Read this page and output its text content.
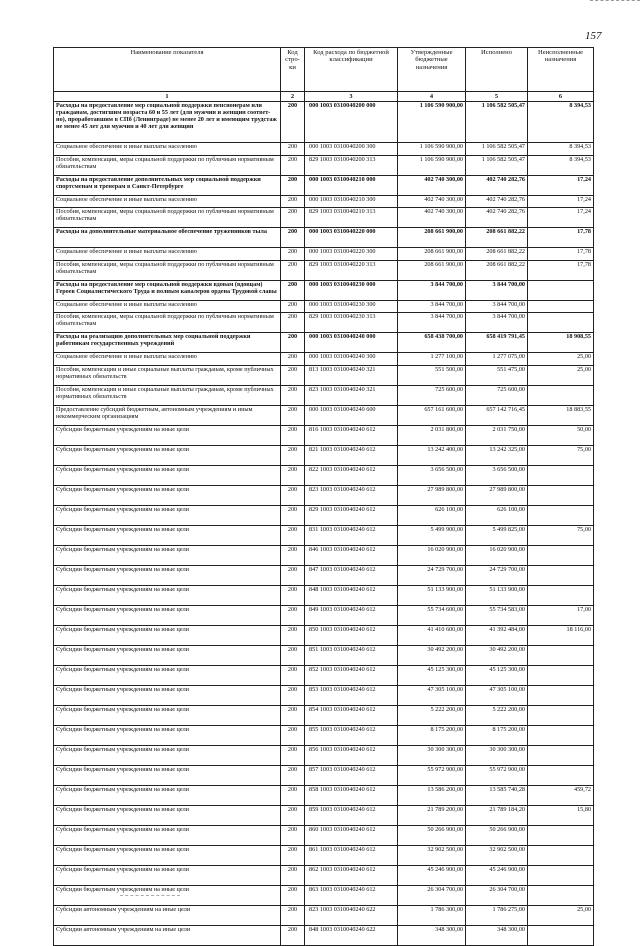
157
Наименование показателя	Код стро-ки	Код расхода по бюджетной классификации	Утвержденные бюджетные назначения	Исполнено	Неисполненные назначения
1	2	3	4	5	6
Расходы на предоставление мер социальной поддержки пенсионерам или гражданам, достигшим возраста 60 и 55 лет (для мужчин и женщин соответ-но), проработавшим в СПб (Ленинграде) не менее 20 лет и имеющим трудстаж не менее 45 лет для мужчин и 40 лет для женщин	200	000 1003 0310040200 000	1 106 590 900,00	1 106 582 505,47	8 394,53
Социальное обеспечение и иные выплаты населению	200	000 1003 0310040200 300	1 106 590 900,00	1 106 582 505,47	8 394,53
Пособия, компенсации, меры социальной поддержки по публичным нормативным обязательствам	200	829 1003 0310040200 313	1 106 590 900,00	1 106 582 505,47	8 394,53
Расходы на предоставление дополнительных мер социальной поддержки спортсменам и тренерам в Санкт-Петербурге	200	000 1003 0310040210 000	402 740 300,00	402 740 282,76	17,24
Социальное обеспечение и иные выплаты населению	200	000 1003 0310040210 300	402 740 300,00	402 740 282,76	17,24
Пособия, компенсации, меры социальной поддержки по публичным нормативным обязательствам	200	829 1003 0310040210 313	402 740 300,00	402 740 282,76	17,24
Расходы на дополнительные материальное обеспечение труженников тыла	200	000 1003 0310040220 000	208 661 900,00	208 661 882,22	17,78
Социальное обеспечение и иные выплаты населению	200	000 1003 0310040220 300	208 661 900,00	208 661 882,22	17,78
Пособия, компенсации, меры социальной поддержки по публичным нормативным обязательствам	200	829 1003 0310040220 313	208 661 900,00	208 661 882,22	17,78
Расходы на предоставление мер социальной поддержки вдовам (вдовцам) Героев Социалистического Труда и полным кавалеров ордена Трудовой славы	200	000 1003 0310040230 000	3 844 700,00	3 844 700,00	
Социальное обеспечение и иные выплаты населению	200	000 1003 0310040230 300	3 844 700,00	3 844 700,00	
Пособия, компенсации, меры социальной поддержки по публичным нормативным обязательствам	200	829 1003 0310040230 313	3 844 700,00	3 844 700,00	
Расходы на реализацию дополнительных мер социальной поддержки работникам государственных учреждений	200	000 1003 0310040240 000	658 438 700,00	658 419 791,45	18 908,55
Социальное обеспечение и иные выплаты населению	200	000 1003 0310040240 300	1 277 100,00	1 277 075,00	25,00
Пособия, компенсации и иные социальные выплаты гражданам, кроме публичных нормативных обязательств	200	813 1003 0310040240 321	551 500,00	551 475,00	25,00
Пособия, компенсации и иные социальные выплаты гражданам, кроме публичных нормативных обязательств	200	823 1003 0310040240 321	725 600,00	725 600,00	
Предоставление субсидий бюджетным, автономным учреждениям и иным некоммерческим организациям	200	000 1003 0310040240 600	657 161 600,00	657 142 716,45	18 883,55
Субсидии бюджетным учреждениям на иные цели	200	816 1003 0310040240 612	2 031 800,00	2 031 750,00	50,00
Субсидии бюджетным учреждениям на иные цели	200	821 1003 0310040240 612	13 242 400,00	13 242 325,00	75,00
Субсидии бюджетным учреждениям на иные цели	200	822 1003 0310040240 612	3 656 500,00	3 656 500,00	
Субсидии бюджетным учреждениям на иные цели	200	823 1003 0310040240 612	27 989 800,00	27 989 800,00	
Субсидии бюджетным учреждениям на иные цели	200	829 1003 0310040240 612	626 100,00	626 100,00	
Субсидии бюджетным учреждениям на иные цели	200	831 1003 0310040240 612	5 499 900,00	5 499 825,00	75,00
Субсидии бюджетным учреждениям на иные цели	200	846 1003 0310040240 612	16 020 900,00	16 020 900,00	
Субсидии бюджетным учреждениям на иные цели	200	847 1003 0310040240 612	24 729 700,00	24 729 700,00	
Субсидии бюджетным учреждениям на иные цели	200	848 1003 0310040240 612	51 133 900,00	51 133 900,00	
Субсидии бюджетным учреждениям на иные цели	200	849 1003 0310040240 612	55 734 600,00	55 734 583,00	17,00
Субсидии бюджетным учреждениям на иные цели	200	850 1003 0310040240 612	41 410 600,00	41 392 484,00	18 116,00
Субсидии бюджетным учреждениям на иные цели	200	851 1003 0310040240 612	30 492 200,00	30 492 200,00	
Субсидии бюджетным учреждениям на иные цели	200	852 1003 0310040240 612	45 125 300,00	45 125 300,00	
Субсидии бюджетным учреждениям на иные цели	200	853 1003 0310040240 612	47 305 100,00	47 305 100,00	
Субсидии бюджетным учреждениям на иные цели	200	854 1003 0310040240 612	5 222 200,00	5 222 200,00	
Субсидии бюджетным учреждениям на иные цели	200	855 1003 0310040240 612	8 175 200,00	8 175 200,00	
Субсидии бюджетным учреждениям на иные цели	200	856 1003 0310040240 612	30 300 300,00	30 300 300,00	
Субсидии бюджетным учреждениям на иные цели	200	857 1003 0310040240 612	55 972 900,00	55 972 900,00	
Субсидии бюджетным учреждениям на иные цели	200	858 1003 0310040240 612	13 586 200,00	13 585 740,28	459,72
Субсидии бюджетным учреждениям на иные цели	200	859 1003 0310040240 612	21 789 200,00	21 789 184,20	15,80
Субсидии бюджетным учреждениям на иные цели	200	860 1003 0310040240 612	50 266 900,00	50 266 900,00	
Субсидии бюджетным учреждениям на иные цели	200	861 1003 0310040240 612	32 902 500,00	32 902 500,00	
Субсидии бюджетным учреждениям на иные цели	200	862 1003 0310040240 612	45 246 900,00	45 246 900,00	
Субсидии бюджетным учреждениям на иные цели	200	863 1003 0310040240 612	26 304 700,00	26 304 700,00	
Субсидии автономным учреждениям на иные цели	200	823 1003 0310040240 622	1 786 300,00	1 786 275,00	25,00
Субсидии автономным учреждениям на иные цели	200	848 1003 0310040240 622	348 300,00	348 300,00	
